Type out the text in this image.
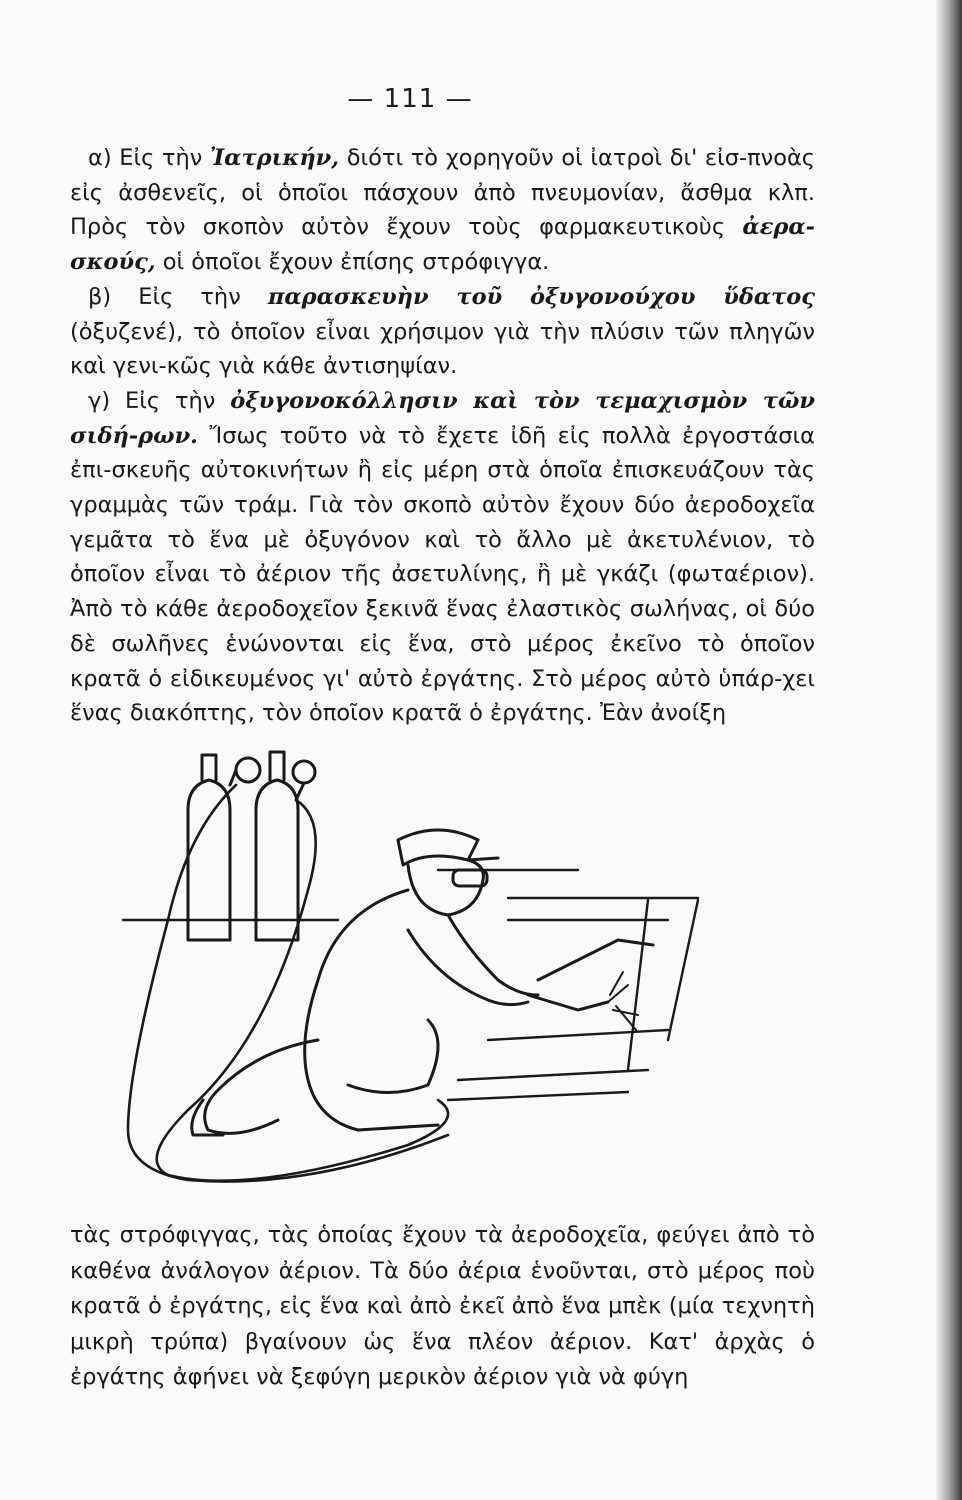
— 111 —

α) Εἰς τὴν Ἰατρικήν, διότι τὸ χορηγοῦν οἱ ἰατροὶ δι' εἰσ-πνοὰς εἰς ἀσθενεῖς, οἱ ὁποῖοι πάσχουν ἀπὸ πνευμονίαν, ἄσθμα κλπ. Πρὸς τὸν σκοπὸν αὐτὸν ἔχουν τοὺς φαρμακευτικοὺς ἀερα-σκούς, οἱ ὁποῖοι ἔχουν ἐπίσης στρόφιγγα.

β) Εἰς τὴν παρασκευὴν τοῦ ὀξυγονούχου ὕδατος (ὀξυζενέ), τὸ ὁποῖον εἶναι χρήσιμον γιὰ τὴν πλύσιν τῶν πληγῶν καὶ γενι-κῶς γιὰ κάθε ἀντισηψίαν.

γ) Εἰς τὴν ὀξυγονοκόλλησιν καὶ τὸν τεμαχισμὸν τῶν σιδή-ρων. Ἴσως τοῦτο νὰ τὸ ἔχετε ἰδῆ εἰς πολλὰ ἐργοστάσια ἐπι-σκευῆς αὐτοκινήτων ἢ εἰς μέρη στὰ ὁποῖα ἐπισκευάζουν τὰς γραμμὰς τῶν τράμ. Γιὰ τὸν σκοπὸ αὐτὸν ἔχουν δύο ἀεροδοχεῖα γεμᾶτα τὸ ἕνα μὲ ὀξυγόνον καὶ τὸ ἄλλο μὲ ἀκετυλένιον, τὸ ὁποῖον εἶναι τὸ ἀέριον τῆς ἀσετυλίνης, ἢ μὲ γκάζι (φωταέριον). Ἀπὸ τὸ κάθε ἀεροδοχεῖον ξεκινᾶ ἕνας ἐλαστικὸς σωλήνας, οἱ δύο δὲ σωλῆνες ἑνώνονται εἰς ἕνα, στὸ μέρος ἐκεῖνο τὸ ὁποῖον κρατᾶ ὁ εἰδικευμένος γι' αὐτὸ ἐργάτης. Στὸ μέρος αὐτὸ ὑπάρ-χει ἕνας διακόπτης, τὸν ὁποῖον κρατᾶ ὁ ἐργάτης. Ἐὰν ἀνοίξη

τὰς στρόφιγγας, τὰς ὁποίας ἔχουν τὰ ἀεροδοχεῖα, φεύγει ἀπὸ τὸ καθένα ἀνάλογον ἀέριον. Τὰ δύο ἀέρια ἑνοῦνται, στὸ μέρος ποὺ κρατᾶ ὁ ἐργάτης, εἰς ἕνα καὶ ἀπὸ ἐκεῖ ἀπὸ ἕνα μπὲκ (μία τεχνητὴ μικρὴ τρύπα) βγαίνουν ὡς ἕνα πλέον ἀέριον. Κατ' ἀρχὰς ὁ ἐργάτης ἀφήνει νὰ ξεφύγη μερικὸν ἀέριον γιὰ νὰ φύγη
